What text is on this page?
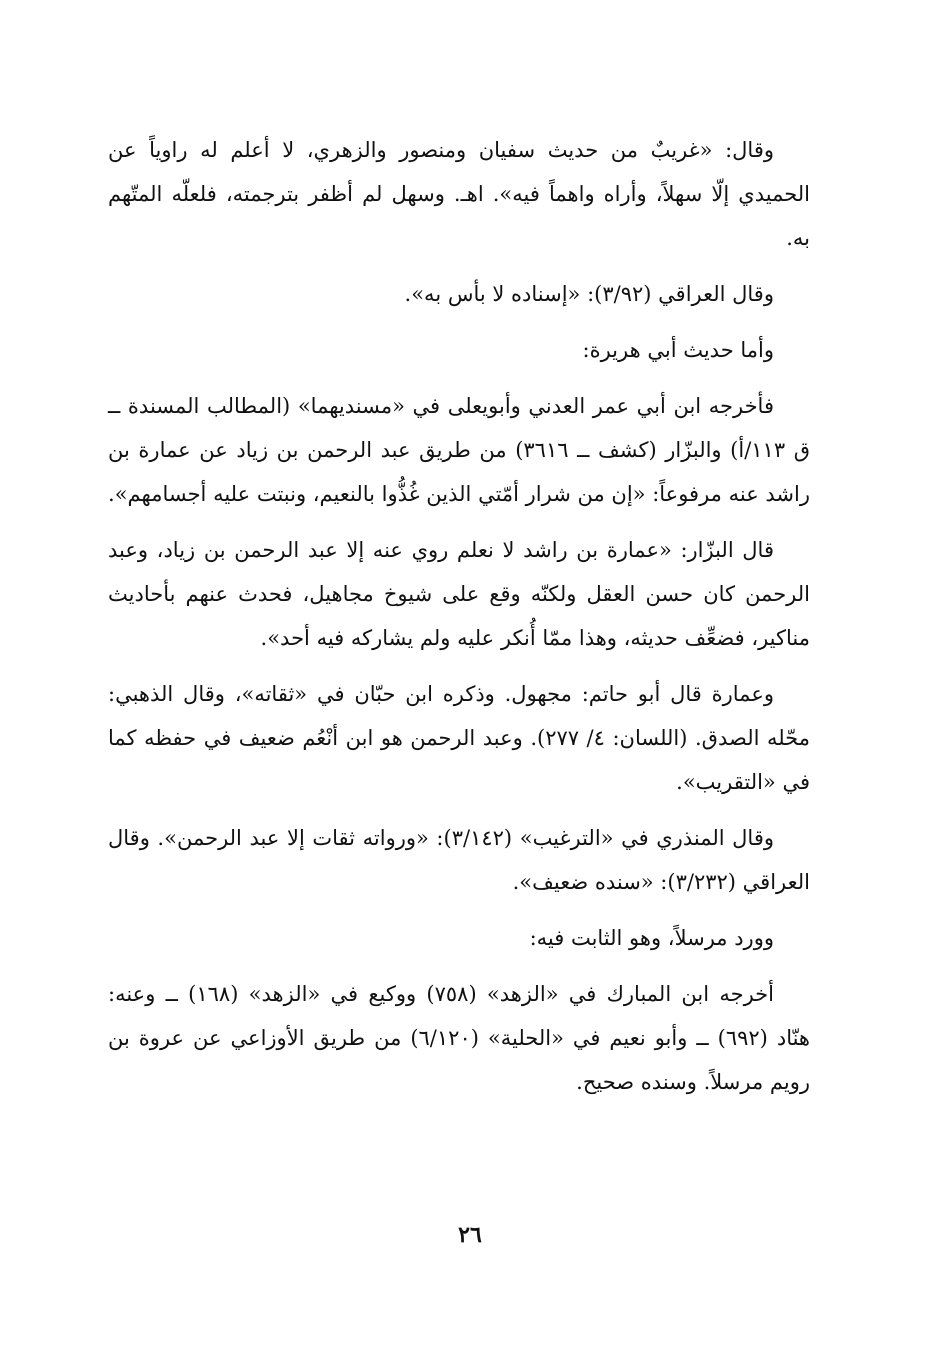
وقال: «غريبٌ من حديث سفيان ومنصور والزهري، لا أعلم له راوياً عن الحميدي إلّا سهلاً، وأراه واهماً فيه». اهـ. وسهل لم أظفر بترجمته، فلعلّه المتّهم به.

وقال العراقي (٣/٩٢): «إسناده لا بأس به».

وأما حديث أبي هريرة:

فأخرجه ابن أبي عمر العدني وأبويعلى في «مسنديهما» (المطالب المسندة ــ ق ١١٣/أ) والبزّار (كشف ــ ٣٦١٦) من طريق عبد الرحمن بن زياد عن عمارة بن راشد عنه مرفوعاً: «إن من شرار أمّتي الذين غُذُّوا بالنعيم، ونبتت عليه أجسامهم».

قال البزّار: «عمارة بن راشد لا نعلم روي عنه إلا عبد الرحمن بن زياد، وعبد الرحمن كان حسن العقل ولكنّه وقع على شيوخ مجاهيل، فحدث عنهم بأحاديث مناكير، فضعِّف حديثه، وهذا ممّا أُنكر عليه ولم يشاركه فيه أحد».

وعمارة قال أبو حاتم: مجهول. وذكره ابن حبّان في «ثقاته»، وقال الذهبي: محّله الصدق. (اللسان: ٤/ ٢٧٧). وعبد الرحمن هو ابن أنْعُم ضعيف في حفظه كما في «التقريب».

وقال المنذري في «الترغيب» (٣/١٤٢): «ورواته ثقات إلا عبد الرحمن». وقال العراقي (٣/٢٣٢): «سنده ضعيف».

وورد مرسلاً، وهو الثابت فيه:

أخرجه ابن المبارك في «الزهد» (٧٥٨) ووكيع في «الزهد» (١٦٨) ــ وعنه: هنّاد (٦٩٢) ــ وأبو نعيم في «الحلية» (٦/١٢٠) من طريق الأوزاعي عن عروة بن رويم مرسلاً. وسنده صحيح.

٢٦
